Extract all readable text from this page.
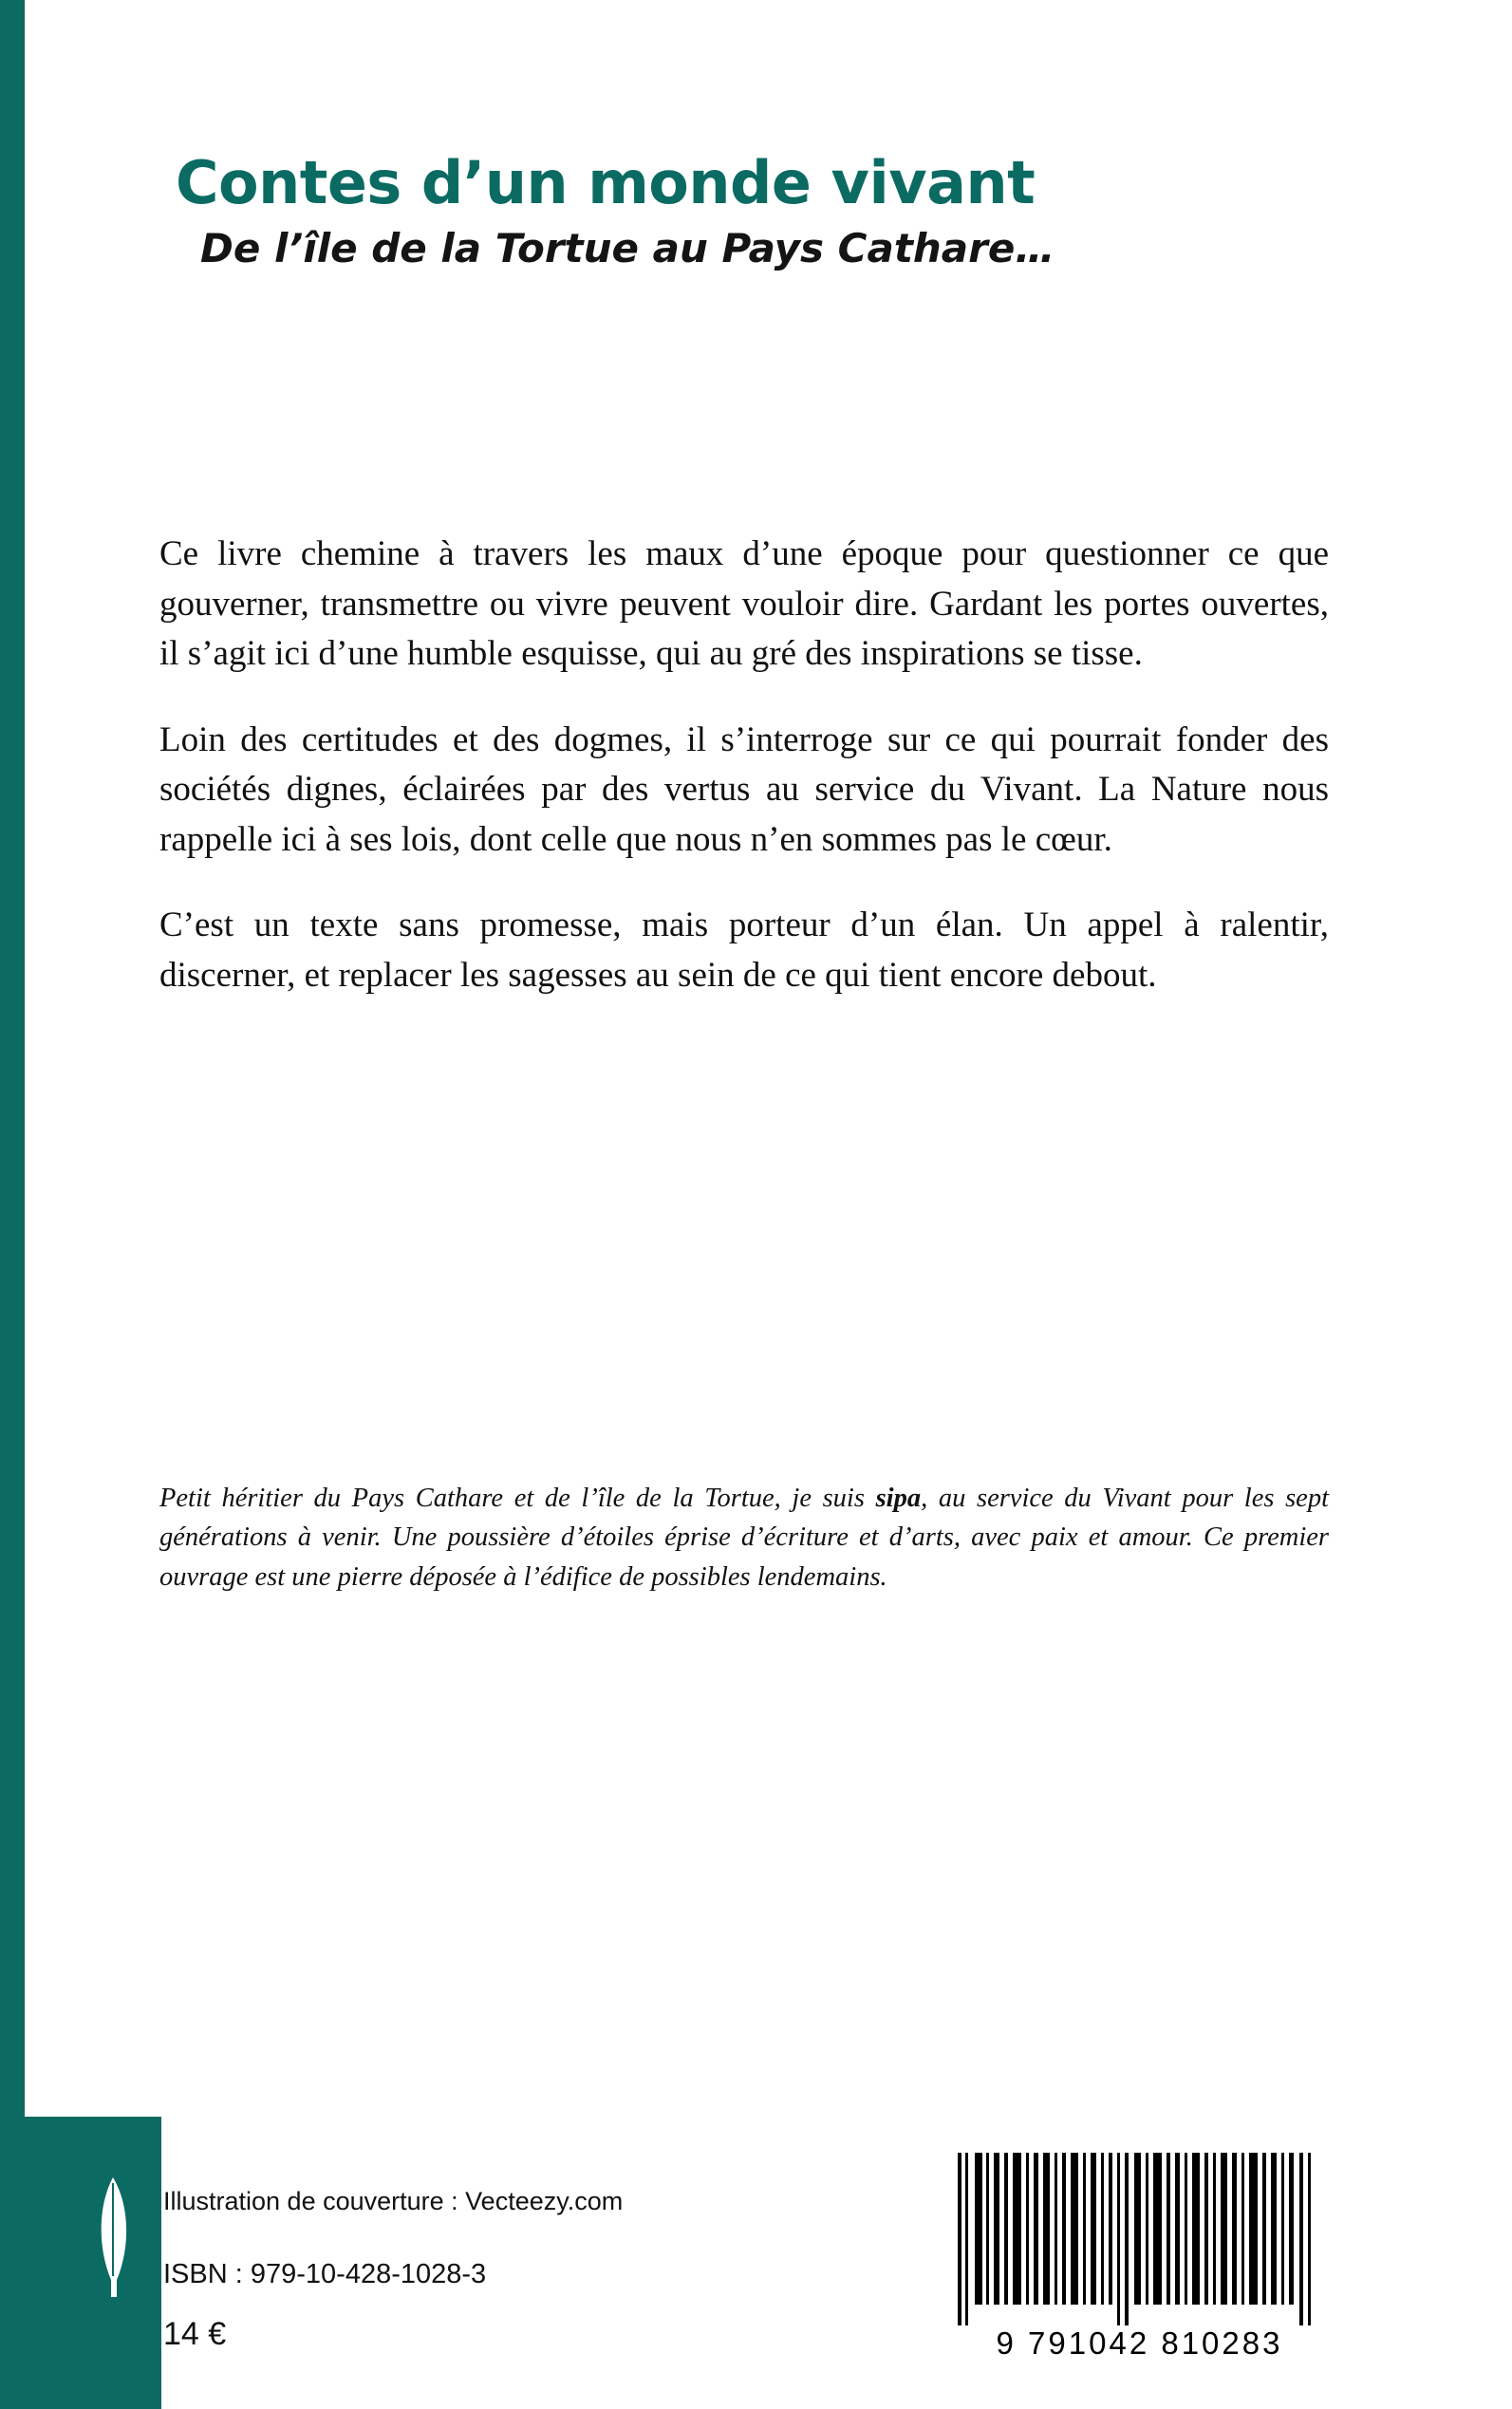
Contes d’un monde vivant
De l’île de la Tortue au Pays Cathare…

Ce livre chemine à travers les maux d’une époque pour questionner ce que gouverner, transmettre ou vivre peuvent vouloir dire. Gardant les portes ouvertes, il s’agit ici d’une humble esquisse, qui au gré des inspirations se tisse.

Loin des certitudes et des dogmes, il s’interroge sur ce qui pourrait fonder des sociétés dignes, éclairées par des vertus au service du Vivant. La Nature nous rappelle ici à ses lois, dont celle que nous n’en sommes pas le cœur.

C’est un texte sans promesse, mais porteur d’un élan. Un appel à ralentir, discerner, et replacer les sagesses au sein de ce qui tient encore debout.

Petit héritier du Pays Cathare et de l’île de la Tortue, je suis sipa, au service du Vivant pour les sept générations à venir. Une poussière d’étoiles éprise d’écriture et d’arts, avec paix et amour. Ce premier ouvrage est une pierre déposée à l’édifice de possibles lendemains.

Illustration de couverture : Vecteezy.com
ISBN : 979-10-428-1028-3
14 €	9 791042 810283
